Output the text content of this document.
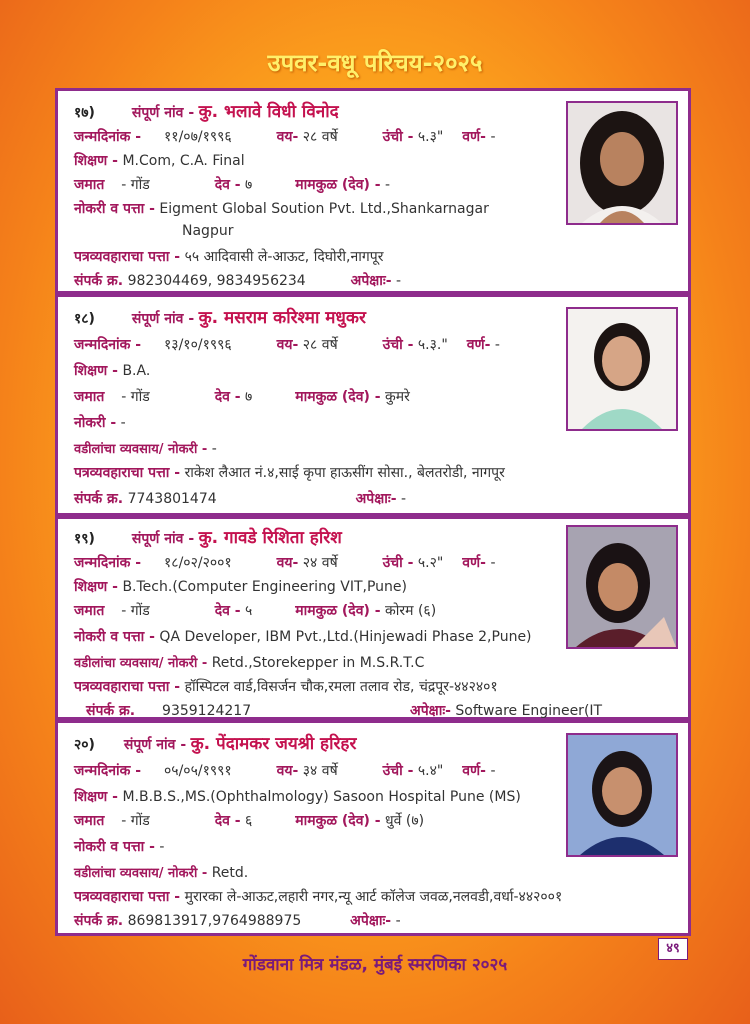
उपवर-वधू परिचय-२०२५
१७)	संपूर्ण नांव - कु. भलावे विधी विनोद
जन्मदिनांक - ११/०७/१९९६	वय- २८ वर्षे	उंची - ५.३" वर्ण- -
शिक्षण - M.Com, C.A. Final
जमात - गोंड	देव - ७	मामकुळ (देव) - -
नोकरी व पत्ता - Eigment Global Soution Pvt. Ltd.,Shankarnagar
Nagpur
पत्रव्यवहाराचा पत्ता - ५५ आदिवासी ले-आऊट, दिघोरी,नागपूर
संपर्क क्र. 982304469, 9834956234	अपेक्षाः- -
१८)	संपूर्ण नांव - कु. मसराम करिश्मा मधुकर
जन्मदिनांक - १३/१०/१९९६	वय- २८ वर्षे	उंची - ५.३." वर्ण- -
शिक्षण - B.A.
जमात - गोंड	देव - ७	मामकुळ (देव) - कुमरे
नोकरी - -
वडीलांचा व्यवसाय/ नोकरी - -
पत्रव्यवहाराचा पत्ता - राकेश लैआत नं.४,साई कृपा हाऊसींग सोसा., बेलतरोडी, नागपूर
संपर्क क्र. 7743801474	अपेक्षाः- -
१९)	संपूर्ण नांव - कु. गावडे रिशिता हरिश
जन्मदिनांक - १८/०२/२००१	वय- २४ वर्षे	उंची - ५.२" वर्ण- -
शिक्षण - B.Tech.(Computer Engineering VIT,Pune)
जमात - गोंड	देव - ५	मामकुळ (देव) - कोरम (६)
नोकरी व पत्ता - QA Developer, IBM Pvt.,Ltd.(Hinjewadi Phase 2,Pune)
वडीलांचा व्यवसाय/ नोकरी - Retd.,Storekepper in M.S.R.T.C
पत्रव्यवहाराचा पत्ता - हॉस्पिटल वार्ड,विसर्जन चौक,रमला तलाव रोड, चंद्रपूर-४४२४०१
संपर्क क्र. 9359124217	अपेक्षाः- Software Engineer(IT
२०) संपूर्ण नांव - कु. पेंदामकर जयश्री हरिहर
जन्मदिनांक - ०५/०५/१९९१	वय- ३४ वर्षे	उंची - ५.४" वर्ण- -
शिक्षण - M.B.B.S.,MS.(Ophthalmology) Sasoon Hospital Pune (MS)
जमात - गोंड	देव - ६	मामकुळ (देव) - धुर्वे (७)
नोकरी व पत्ता - -
वडीलांचा व्यवसाय/ नोकरी - Retd.
पत्रव्यवहाराचा पत्ता - मुरारका ले-आऊट,लहारी नगर,न्यू आर्ट कॉलेज जवळ,नलवडी,वर्धा-४४२००१
संपर्क क्र. 869813917,9764988975	अपेक्षाः- -
४९
गोंडवाना मित्र मंडळ, मुंबई स्मरणिका २०२५
